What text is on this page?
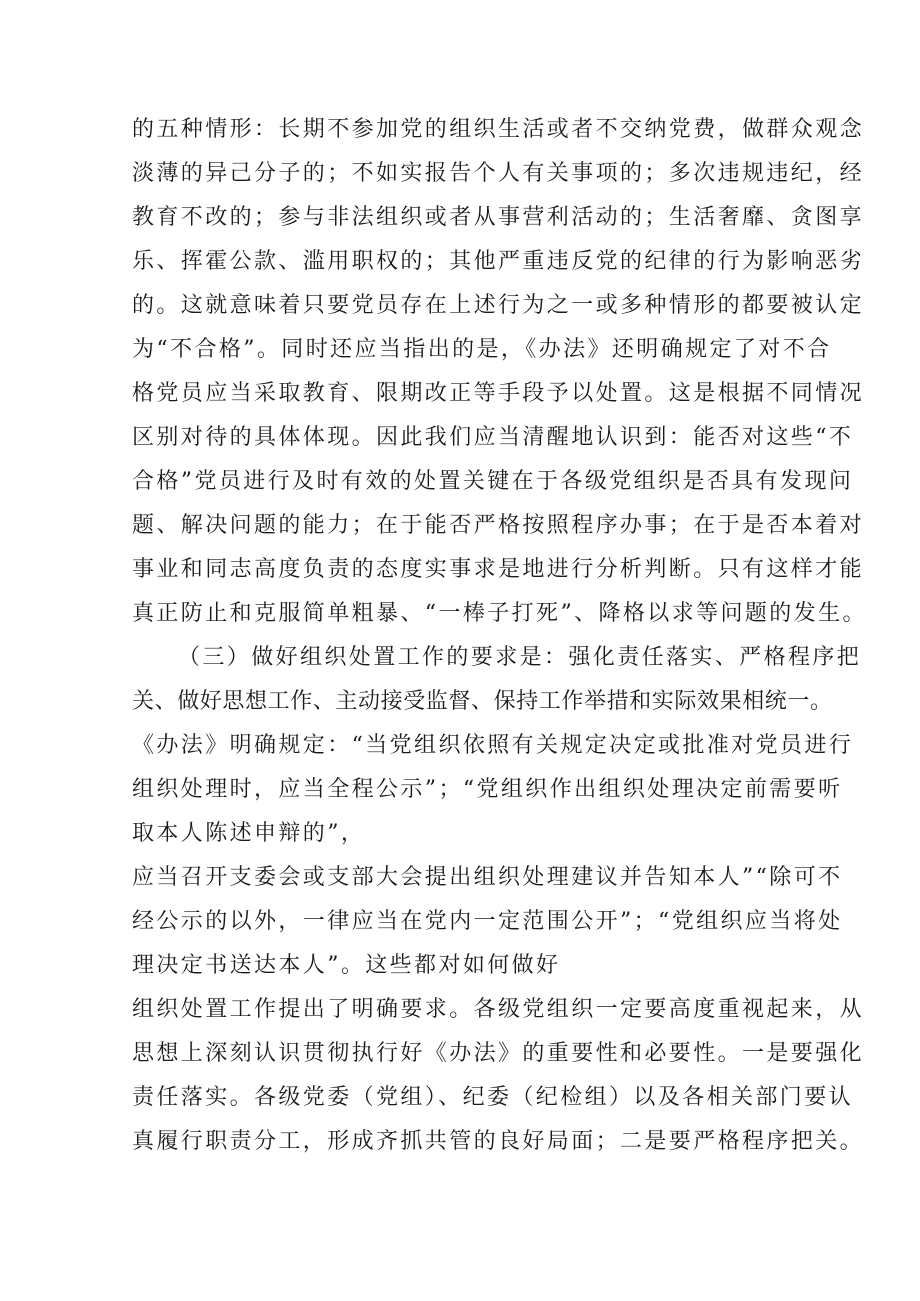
的五种情形：长期不参加党的组织生活或者不交纳党费，做群众观念
淡薄的异己分子的；不如实报告个人有关事项的；多次违规违纪，经
教育不改的；参与非法组织或者从事营利活动的；生活奢靡、贪图享
乐、挥霍公款、滥用职权的；其他严重违反党的纪律的行为影响恶劣
的。这就意味着只要党员存在上述行为之一或多种情形的都要被认定
为“不合格”。同时还应当指出的是，《办法》还明确规定了对不合
格党员应当采取教育、限期改正等手段予以处置。这是根据不同情况
区别对待的具体体现。因此我们应当清醒地认识到：能否对这些“不
合格”党员进行及时有效的处置关键在于各级党组织是否具有发现问
题、解决问题的能力；在于能否严格按照程序办事；在于是否本着对
事业和同志高度负责的态度实事求是地进行分析判断。只有这样才能
真正防止和克服简单粗暴、“一棒子打死”、降格以求等问题的发生。
（三）做好组织处置工作的要求是：强化责任落实、严格程序把
关、做好思想工作、主动接受监督、保持工作举措和实际效果相统一。
《办法》明确规定：“当党组织依照有关规定决定或批准对党员进行
组织处理时，应当全程公示”；“党组织作出组织处理决定前需要听
取本人陈述申辩的”，
应当召开支委会或支部大会提出组织处理建议并告知本人”“除可不
经公示的以外，一律应当在党内一定范围公开”；“党组织应当将处
理决定书送达本人”。这些都对如何做好
组织处置工作提出了明确要求。各级党组织一定要高度重视起来，从
思想上深刻认识贯彻执行好《办法》的重要性和必要性。一是要强化
责任落实。各级党委（党组）、纪委（纪检组）以及各相关部门要认
真履行职责分工，形成齐抓共管的良好局面；二是要严格程序把关。
